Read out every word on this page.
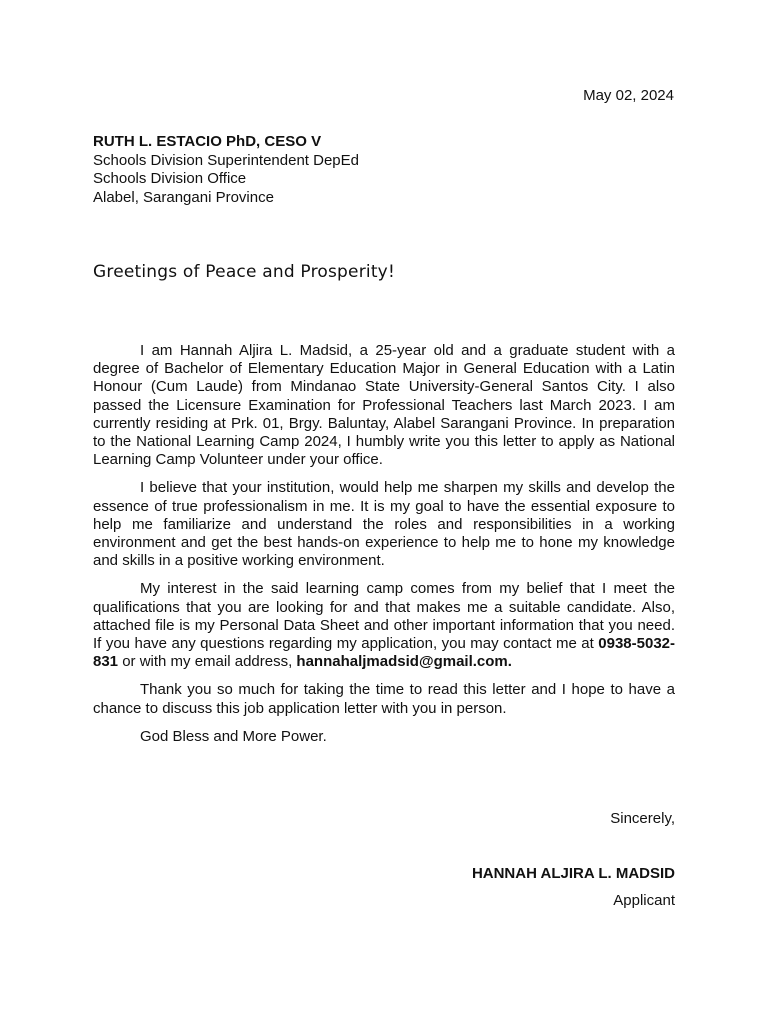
May 02, 2024
RUTH L. ESTACIO PhD, CESO V
Schools Division Superintendent DepEd
Schools Division Office
Alabel, Sarangani Province
Greetings of Peace and Prosperity!

I am Hannah Aljira L. Madsid, a 25-year old and a graduate student with a degree of Bachelor of Elementary Education Major in General Education with a Latin Honour (Cum Laude) from Mindanao State University-General Santos City. I also passed the Licensure Examination for Professional Teachers last March 2023. I am currently residing at Prk. 01, Brgy. Baluntay, Alabel Sarangani Province. In preparation to the National Learning Camp 2024, I humbly write you this letter to apply as National Learning Camp Volunteer under your office.

I believe that your institution, would help me sharpen my skills and develop the essence of true professionalism in me. It is my goal to have the essential exposure to help me familiarize and understand the roles and responsibilities in a working environment and get the best hands-on experience to help me to hone my knowledge and skills in a positive working environment.

My interest in the said learning camp comes from my belief that I meet the qualifications that you are looking for and that makes me a suitable candidate. Also, attached file is my Personal Data Sheet and other important information that you need. If you have any questions regarding my application, you may contact me at 0938-5032-831 or with my email address, hannahaljmadsid@gmail.com.

Thank you so much for taking the time to read this letter and I hope to have a chance to discuss this job application letter with you in person.

God Bless and More Power.

Sincerely,
HANNAH ALJIRA L. MADSID
Applicant
